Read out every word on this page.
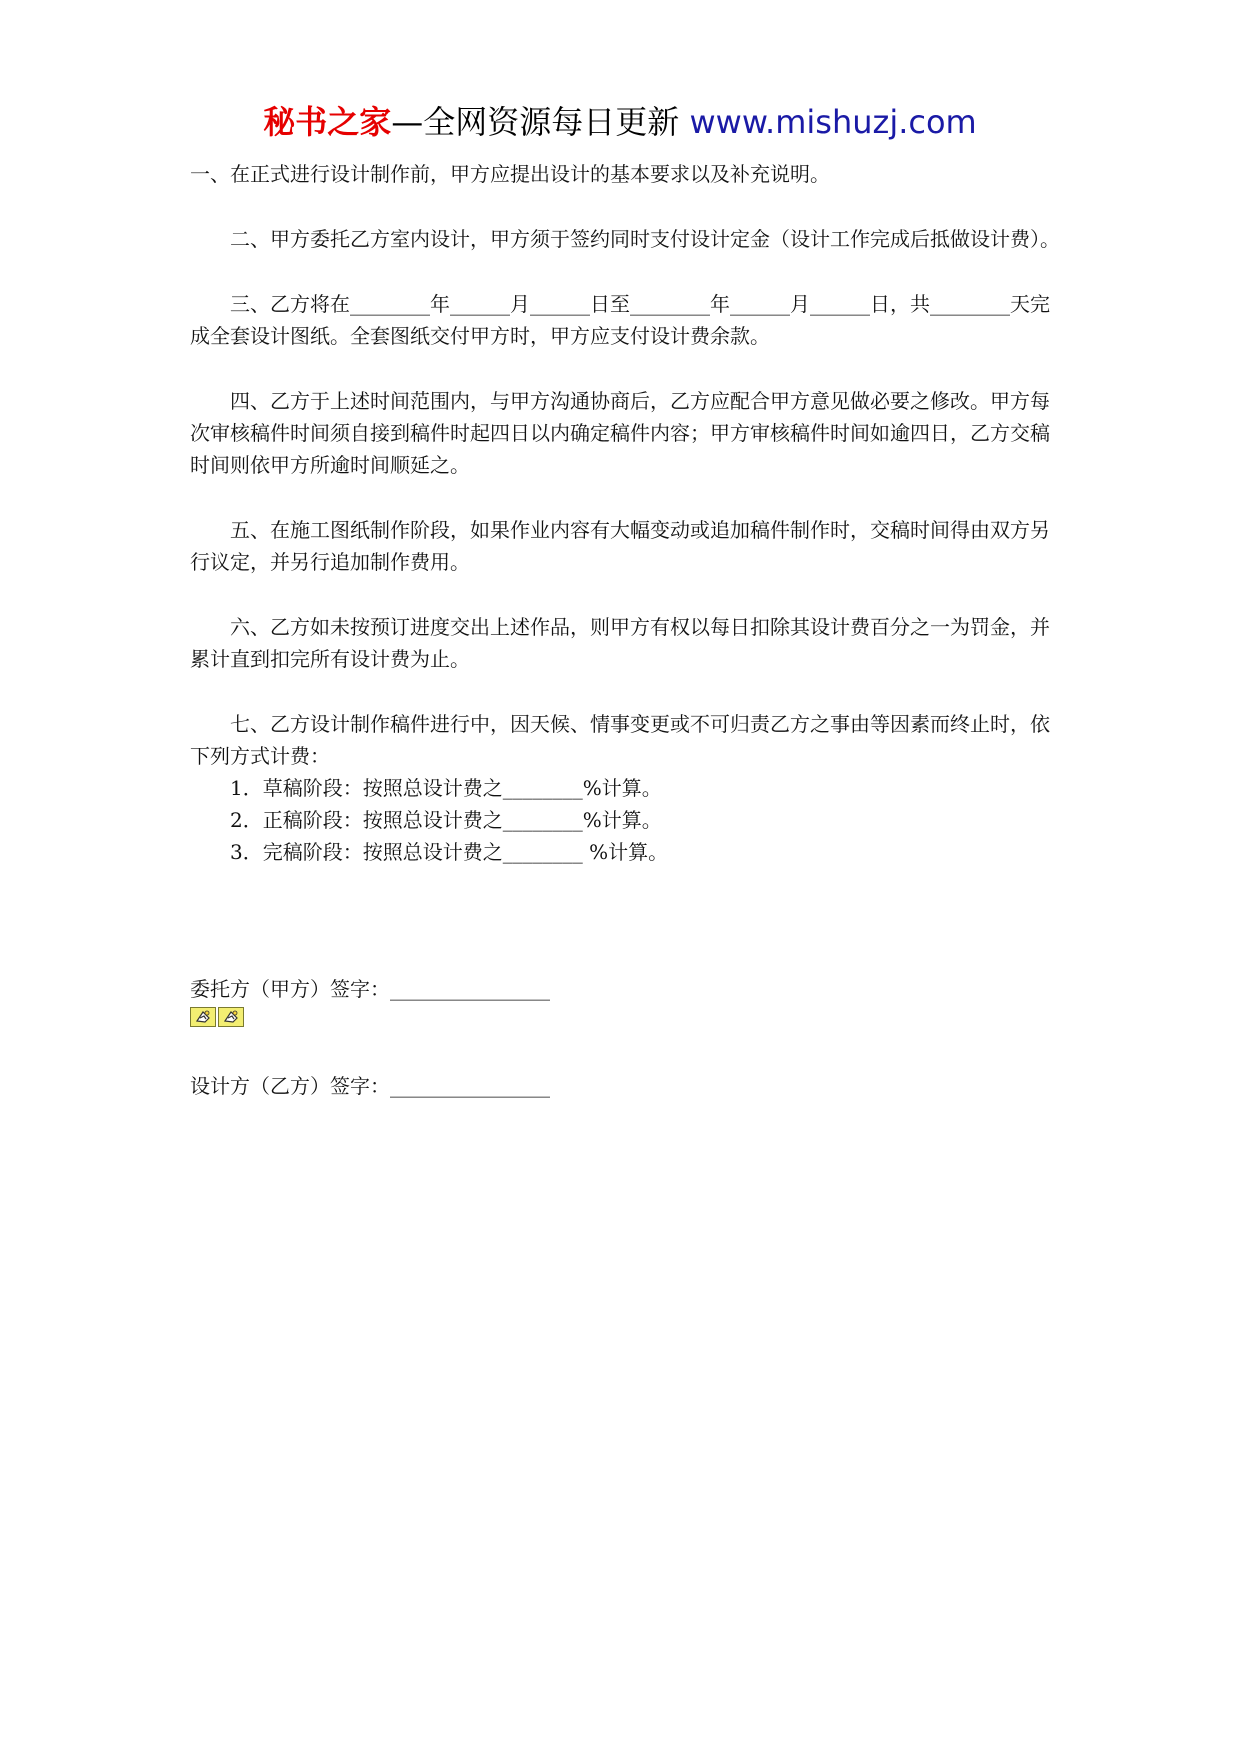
秘书之家—全网资源每日更新 www.mishuzj.com

一、在正式进行设计制作前，甲方应提出设计的基本要求以及补充说明。

二、甲方委托乙方室内设计，甲方须于签约同时支付设计定金（设计工作完成后抵做设计费）。

三、乙方将在________年______月______日至________年______月______日，共________天完成全套设计图纸。全套图纸交付甲方时，甲方应支付设计费余款。

四、乙方于上述时间范围内，与甲方沟通协商后，乙方应配合甲方意见做必要之修改。甲方每次审核稿件时间须自接到稿件时起四日以内确定稿件内容；甲方审核稿件时间如逾四日，乙方交稿时间则依甲方所逾时间顺延之。

五、在施工图纸制作阶段，如果作业内容有大幅变动或追加稿件制作时，交稿时间得由双方另行议定，并另行追加制作费用。

六、乙方如未按预订进度交出上述作品，则甲方有权以每日扣除其设计费百分之一为罚金，并累计直到扣完所有设计费为止。

七、乙方设计制作稿件进行中，因天候、情事变更或不可归责乙方之事由等因素而终止时，依下列方式计费：

1．草稿阶段：按照总设计费之________%计算。

2．正稿阶段：按照总设计费之________%计算。

3．完稿阶段：按照总设计费之________ %计算。

委托方（甲方）签字：________________
设计方（乙方）签字：________________
